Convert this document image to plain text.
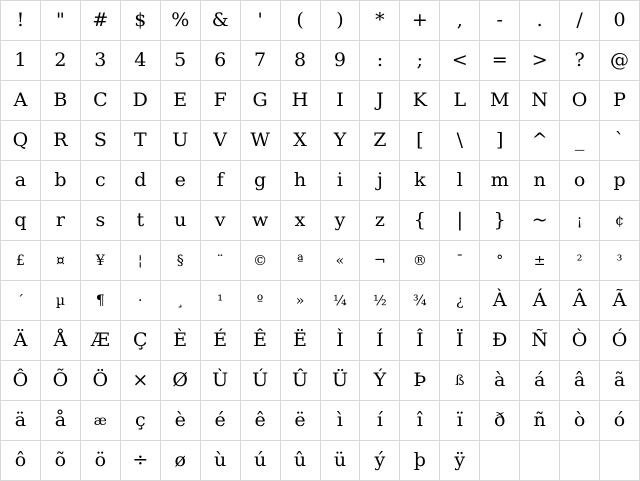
!	"	#	$	%	&	'	(	)	*	+	,	-	.	/	0
1	2	3	4	5	6	7	8	9	:	;	<	=	>	?	@
A	B	C	D	E	F	G	H	I	J	K	L	M	N	O	P
Q	R	S	T	U	V	W	X	Y	Z	[	\	]	^	_	`
a	b	c	d	e	f	g	h	i	j	k	l	m	n	o	p
q	r	s	t	u	v	w	x	y	z	{	|	}	~	¡	¢
£	¤	¥	¦	§	¨	©	ª	«	¬	®	¯	°	±	²	³
´	µ	¶	·	¸	¹	º	»	¼	½	¾	¿	À	Á	Â	Ã
Ä	Å	Æ	Ç	È	É	Ê	Ë	Ì	Í	Î	Ï	Ð	Ñ	Ò	Ó
Ô	Õ	Ö	×	Ø	Ù	Ú	Û	Ü	Ý	Þ	ß	à	á	â	ã
ä	å	æ	ç	è	é	ê	ë	ì	í	î	ï	ð	ñ	ò	ó
ô	õ	ö	÷	ø	ù	ú	û	ü	ý	þ	ÿ				
